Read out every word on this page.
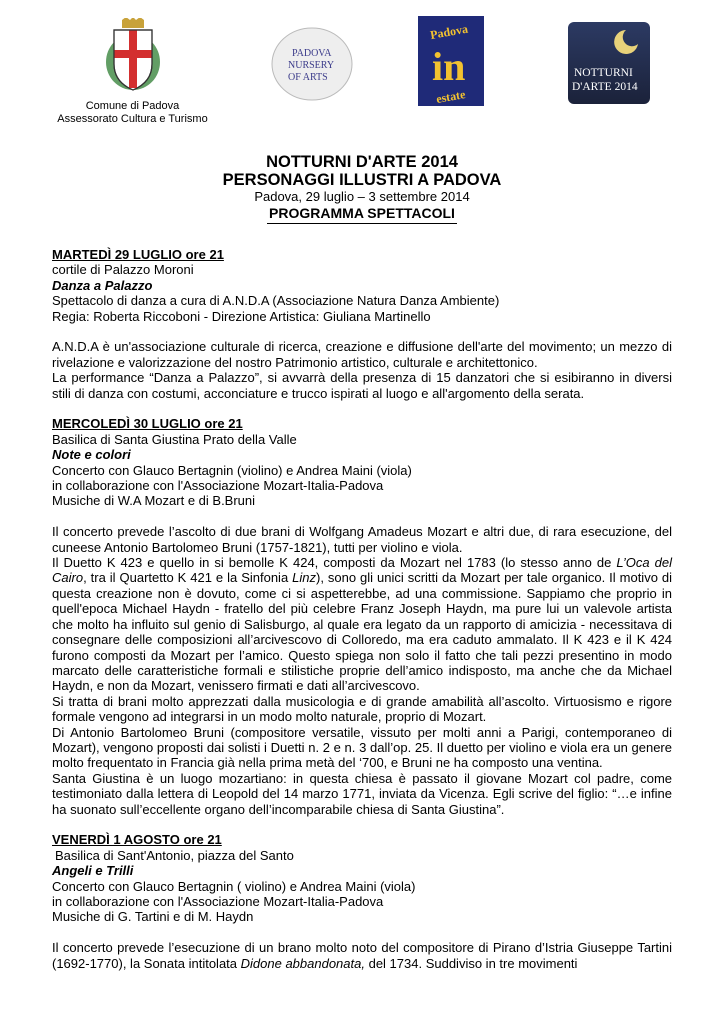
PADOVA
NURSERY
OF ARTS
Padova
in
estate
NOTTURNI
D'ARTE 2014
Comune di Padova
Assessorato Cultura e Turismo
NOTTURNI D'ARTE 2014
PERSONAGGI ILLUSTRI A PADOVA
Padova, 29 luglio – 3 settembre 2014
PROGRAMMA SPETTACOLI

MARTEDÌ 29 LUGLIO ore 21

cortile di Palazzo Moroni

Danza a Palazzo

Spettacolo di danza a cura di A.N.D.A (Associazione Natura Danza Ambiente)

Regia: Roberta Riccoboni - Direzione Artistica: Giuliana Martinello

A.N.D.A è un'associazione culturale di ricerca, creazione e diffusione dell'arte del movimento; un mezzo di rivelazione e valorizzazione del nostro Patrimonio artistico, culturale e architettonico.

La performance “Danza a Palazzo”, si avvarrà della presenza di 15 danzatori che si esibiranno in diversi stili di danza con costumi, acconciature e trucco ispirati al luogo e all'argomento della serata.

MERCOLEDÌ 30 LUGLIO ore 21

Basilica di Santa Giustina Prato della Valle

Note e colori

Concerto con Glauco Bertagnin (violino) e Andrea Maini (viola)

in collaborazione con l'Associazione Mozart-Italia-Padova

Musiche di W.A Mozart e di B.Bruni

Il concerto prevede l’ascolto di due brani di Wolfgang Amadeus Mozart e altri due, di rara esecuzione, del cuneese Antonio Bartolomeo Bruni (1757-1821), tutti per violino e viola.

Il Duetto K 423 e quello in si bemolle K 424, composti da Mozart nel 1783 (lo stesso anno de L’Oca del Cairo, tra il Quartetto K 421 e la Sinfonia Linz), sono gli unici scritti da Mozart per tale organico. Il motivo di questa creazione non è dovuto, come ci si aspetterebbe, ad una commissione. Sappiamo che proprio in quell'epoca Michael Haydn - fratello del più celebre Franz Joseph Haydn, ma pure lui un valevole artista che molto ha influito sul genio di Salisburgo, al quale era legato da un rapporto di amicizia - necessitava di consegnare delle composizioni all’arcivescovo di Colloredo, ma era caduto ammalato. Il K 423 e il K 424 furono composti da Mozart per l’amico. Questo spiega non solo il fatto che tali pezzi presentino in modo marcato delle caratteristiche formali e stilistiche proprie dell’amico indisposto, ma anche che da Michael Haydn, e non da Mozart, venissero firmati e dati all’arcivescovo.

Si tratta di brani molto apprezzati dalla musicologia e di grande amabilità all’ascolto. Virtuosismo e rigore formale vengono ad integrarsi in un modo molto naturale, proprio di Mozart.

Di Antonio Bartolomeo Bruni (compositore versatile, vissuto per molti anni a Parigi, contemporaneo di Mozart), vengono proposti dai solisti i Duetti n. 2 e n. 3 dall’op. 25. Il duetto per violino e viola era un genere molto frequentato in Francia già nella prima metà del ‘700, e Bruni ne ha composto una ventina.

Santa Giustina è un luogo mozartiano: in questa chiesa è passato il giovane Mozart col padre, come testimoniato dalla lettera di Leopold del 14 marzo 1771, inviata da Vicenza. Egli scrive del figlio: “…e infine ha suonato sull’eccellente organo dell’incomparabile chiesa di Santa Giustina”.

VENERDÌ 1 AGOSTO ore 21

Basilica di Sant'Antonio, piazza del Santo

Angeli e Trilli

Concerto con Glauco Bertagnin ( violino) e Andrea Maini (viola)

in collaborazione con l'Associazione Mozart-Italia-Padova

Musiche di G. Tartini e di M. Haydn

Il concerto prevede l’esecuzione di un brano molto noto del compositore di Pirano d’Istria Giuseppe Tartini (1692-1770), la Sonata intitolata Didone abbandonata, del 1734. Suddiviso in tre movimenti
